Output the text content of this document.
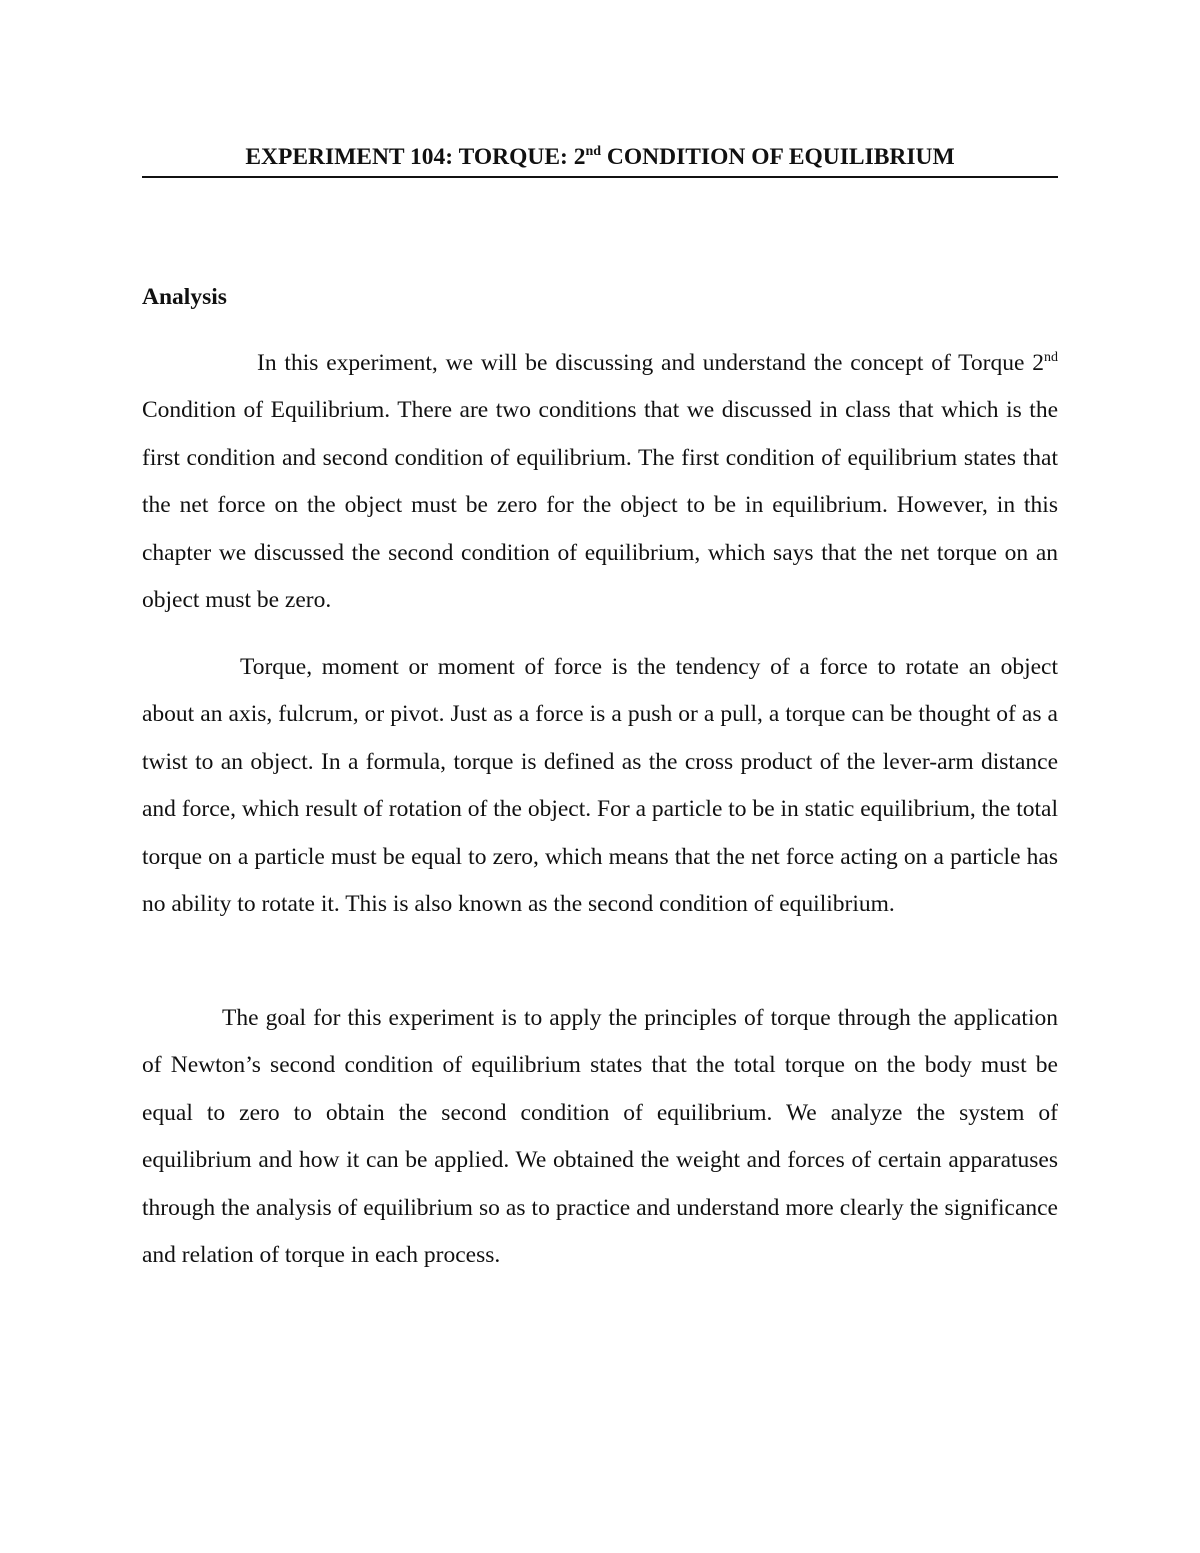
EXPERIMENT 104: TORQUE: 2nd CONDITION OF EQUILIBRIUM
Analysis

In this experiment, we will be discussing and understand the concept of Torque 2nd Condition of Equilibrium. There are two conditions that we discussed in class that which is the first condition and second condition of equilibrium. The first condition of equilibrium states that the net force on the object must be zero for the object to be in equilibrium. However, in this chapter we discussed the second condition of equilibrium, which says that the net torque on an object must be zero.

Torque, moment or moment of force is the tendency of a force to rotate an object about an axis, fulcrum, or pivot. Just as a force is a push or a pull, a torque can be thought of as a twist to an object. In a formula, torque is defined as the cross product of the lever-arm distance and force, which result of rotation of the object. For a particle to be in static equilibrium, the total torque on a particle must be equal to zero, which means that the net force acting on a particle has no ability to rotate it. This is also known as the second condition of equilibrium.

The goal for this experiment is to apply the principles of torque through the application of Newton’s second condition of equilibrium states that the total torque on the body must be equal to zero to obtain the second condition of equilibrium. We analyze the system of equilibrium and how it can be applied. We obtained the weight and forces of certain apparatuses through the analysis of equilibrium so as to practice and understand more clearly the significance and relation of torque in each process.
